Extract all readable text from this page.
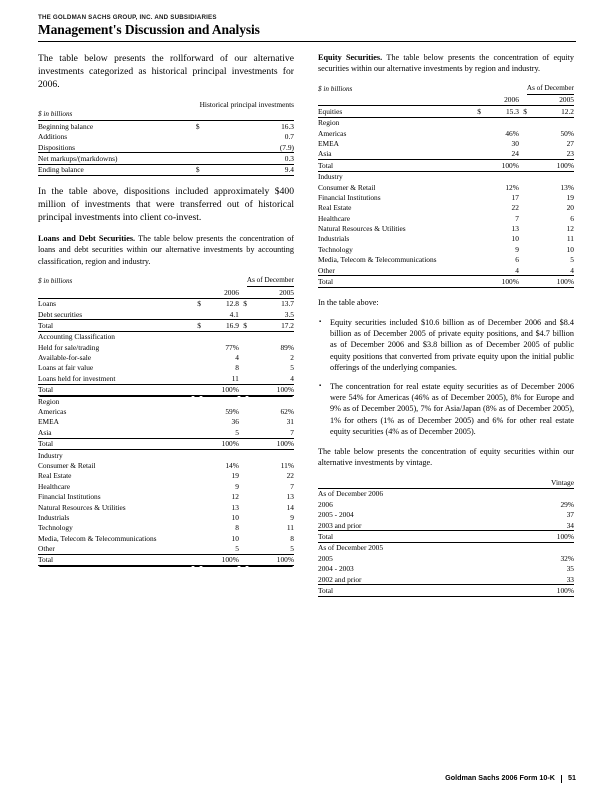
THE GOLDMAN SACHS GROUP, INC. AND SUBSIDIARIES
Management's Discussion and Analysis

The table below presents the rollforward of our alternative investments categorized as historical principal investments for 2006.

		Historical principal investments
$ in billions		
Beginning balance	$	16.3
Additions		0.7
Dispositions		(7.9)
Net markups/(markdowns)		0.3
Ending balance	$	9.4

In the table above, dispositions included approximately $400 million of investments that were transferred out of historical principal investments into client co-invest.

Loans and Debt Securities. The table below presents the concentration of loans and debt securities within our alternative investments by accounting classification, region and industry.

$ in billions				As of December
		2006		2005
Loans	$	12.8	$	13.7
Debt securities		4.1		3.5
Total	$	16.9	$	17.2
Accounting Classification				
Held for sale/trading		77%		89%
Available-for-sale		4		2
Loans at fair value		8		5
Loans held for investment		11		4
Total		100%		100%
Region				
Americas		59%		62%
EMEA		36		31
Asia		5		7
Total		100%		100%
Industry				
Consumer & Retail		14%		11%
Real Estate		19		22
Healthcare		9		7
Financial Institutions		12		13
Natural Resources & Utilities		13		14
Industrials		10		9
Technology		8		11
Media, Telecom & Telecommunications		10		8
Other		5		5
Total		100%		100%

Equity Securities. The table below presents the concentration of equity securities within our alternative investments by region and industry.

$ in billions				As of December
		2006		2005
Equities	$	15.3	$	12.2
Region				
Americas		46%		50%
EMEA		30		27
Asia		24		23
Total		100%		100%
Industry				
Consumer & Retail		12%		13%
Financial Institutions		17		19
Real Estate		22		20
Healthcare		7		6
Natural Resources & Utilities		13		12
Industrials		10		11
Technology		9		10
Media, Telecom & Telecommunications		6		5
Other		4		4
Total		100%		100%

In the table above:

▪ Equity securities included $10.6 billion as of December 2006 and $8.4 billion as of December 2005 of private equity positions, and $4.7 billion as of December 2006 and $3.8 billion as of December 2005 of public equity positions that converted from private equity upon the initial public offerings of the underlying companies.
▪ The concentration for real estate equity securities as of December 2006 were 54% for Americas (46% as of December 2005), 8% for Europe and 9% as of December 2005), 7% for Asia/Japan (8% as of December 2005), 1% for others (1% as of December 2005) and 6% for other real estate equity securities (4% as of December 2005).

The table below presents the concentration of equity securities within our alternative investments by vintage.

	Vintage
As of December 2006	
2006	29%
2005 - 2004	37
2003 and prior	34
Total	100%
As of December 2005	
2005	32%
2004 - 2003	35
2002 and prior	33
Total	100%
Goldman Sachs 2006 Form 10-K 51
